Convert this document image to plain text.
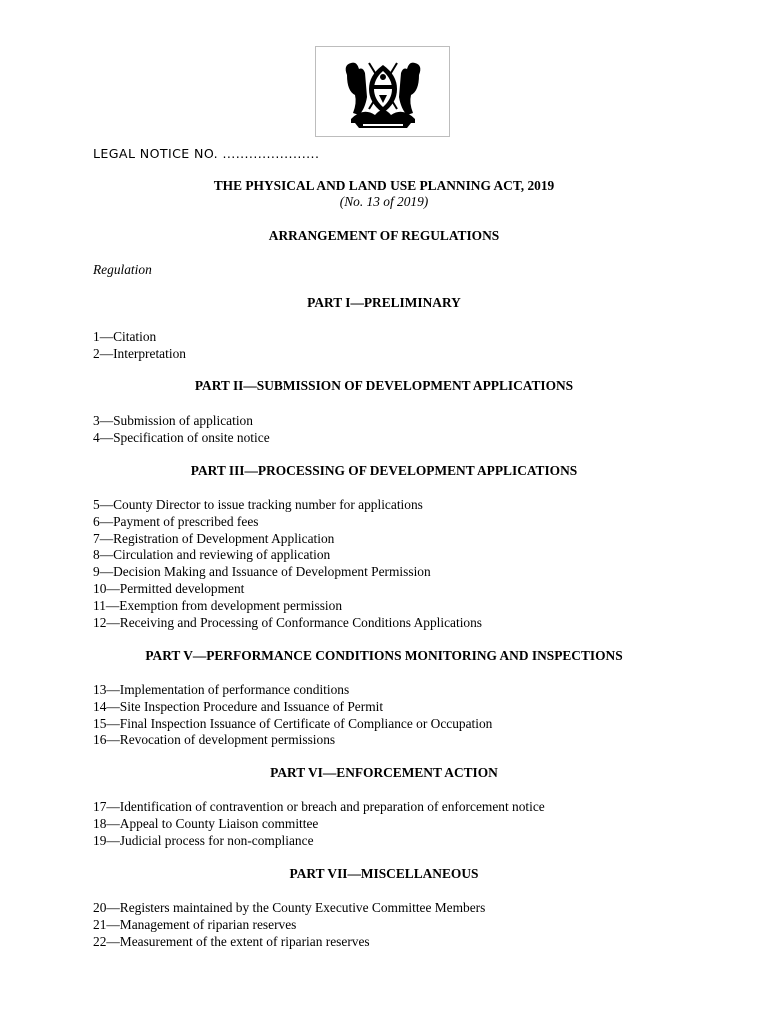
LEGAL NOTICE NO. ......................
THE PHYSICAL AND LAND USE PLANNING ACT, 2019
(No. 13 of 2019)
ARRANGEMENT OF REGULATIONS
Regulation
PART I—PRELIMINARY
1—Citation
2—Interpretation
PART II—SUBMISSION OF DEVELOPMENT APPLICATIONS
3—Submission of application
4—Specification of onsite notice
PART III—PROCESSING OF DEVELOPMENT APPLICATIONS
5—County Director to issue tracking number for applications
6—Payment of prescribed fees
7—Registration of Development Application
8—Circulation and reviewing of application
9—Decision Making and Issuance of Development Permission
10—Permitted development
11—Exemption from development permission
12—Receiving and Processing of Conformance Conditions Applications
PART V—PERFORMANCE CONDITIONS MONITORING AND INSPECTIONS
13—Implementation of performance conditions
14—Site Inspection Procedure and Issuance of Permit
15—Final Inspection Issuance of Certificate of Compliance or Occupation
16—Revocation of development permissions
PART VI—ENFORCEMENT ACTION
17—Identification of contravention or breach and preparation of enforcement notice
18—Appeal to County Liaison committee
19—Judicial process for non-compliance
PART VII—MISCELLANEOUS
20—Registers maintained by the County Executive Committee Members
21—Management of riparian reserves
22—Measurement of the extent of riparian reserves
